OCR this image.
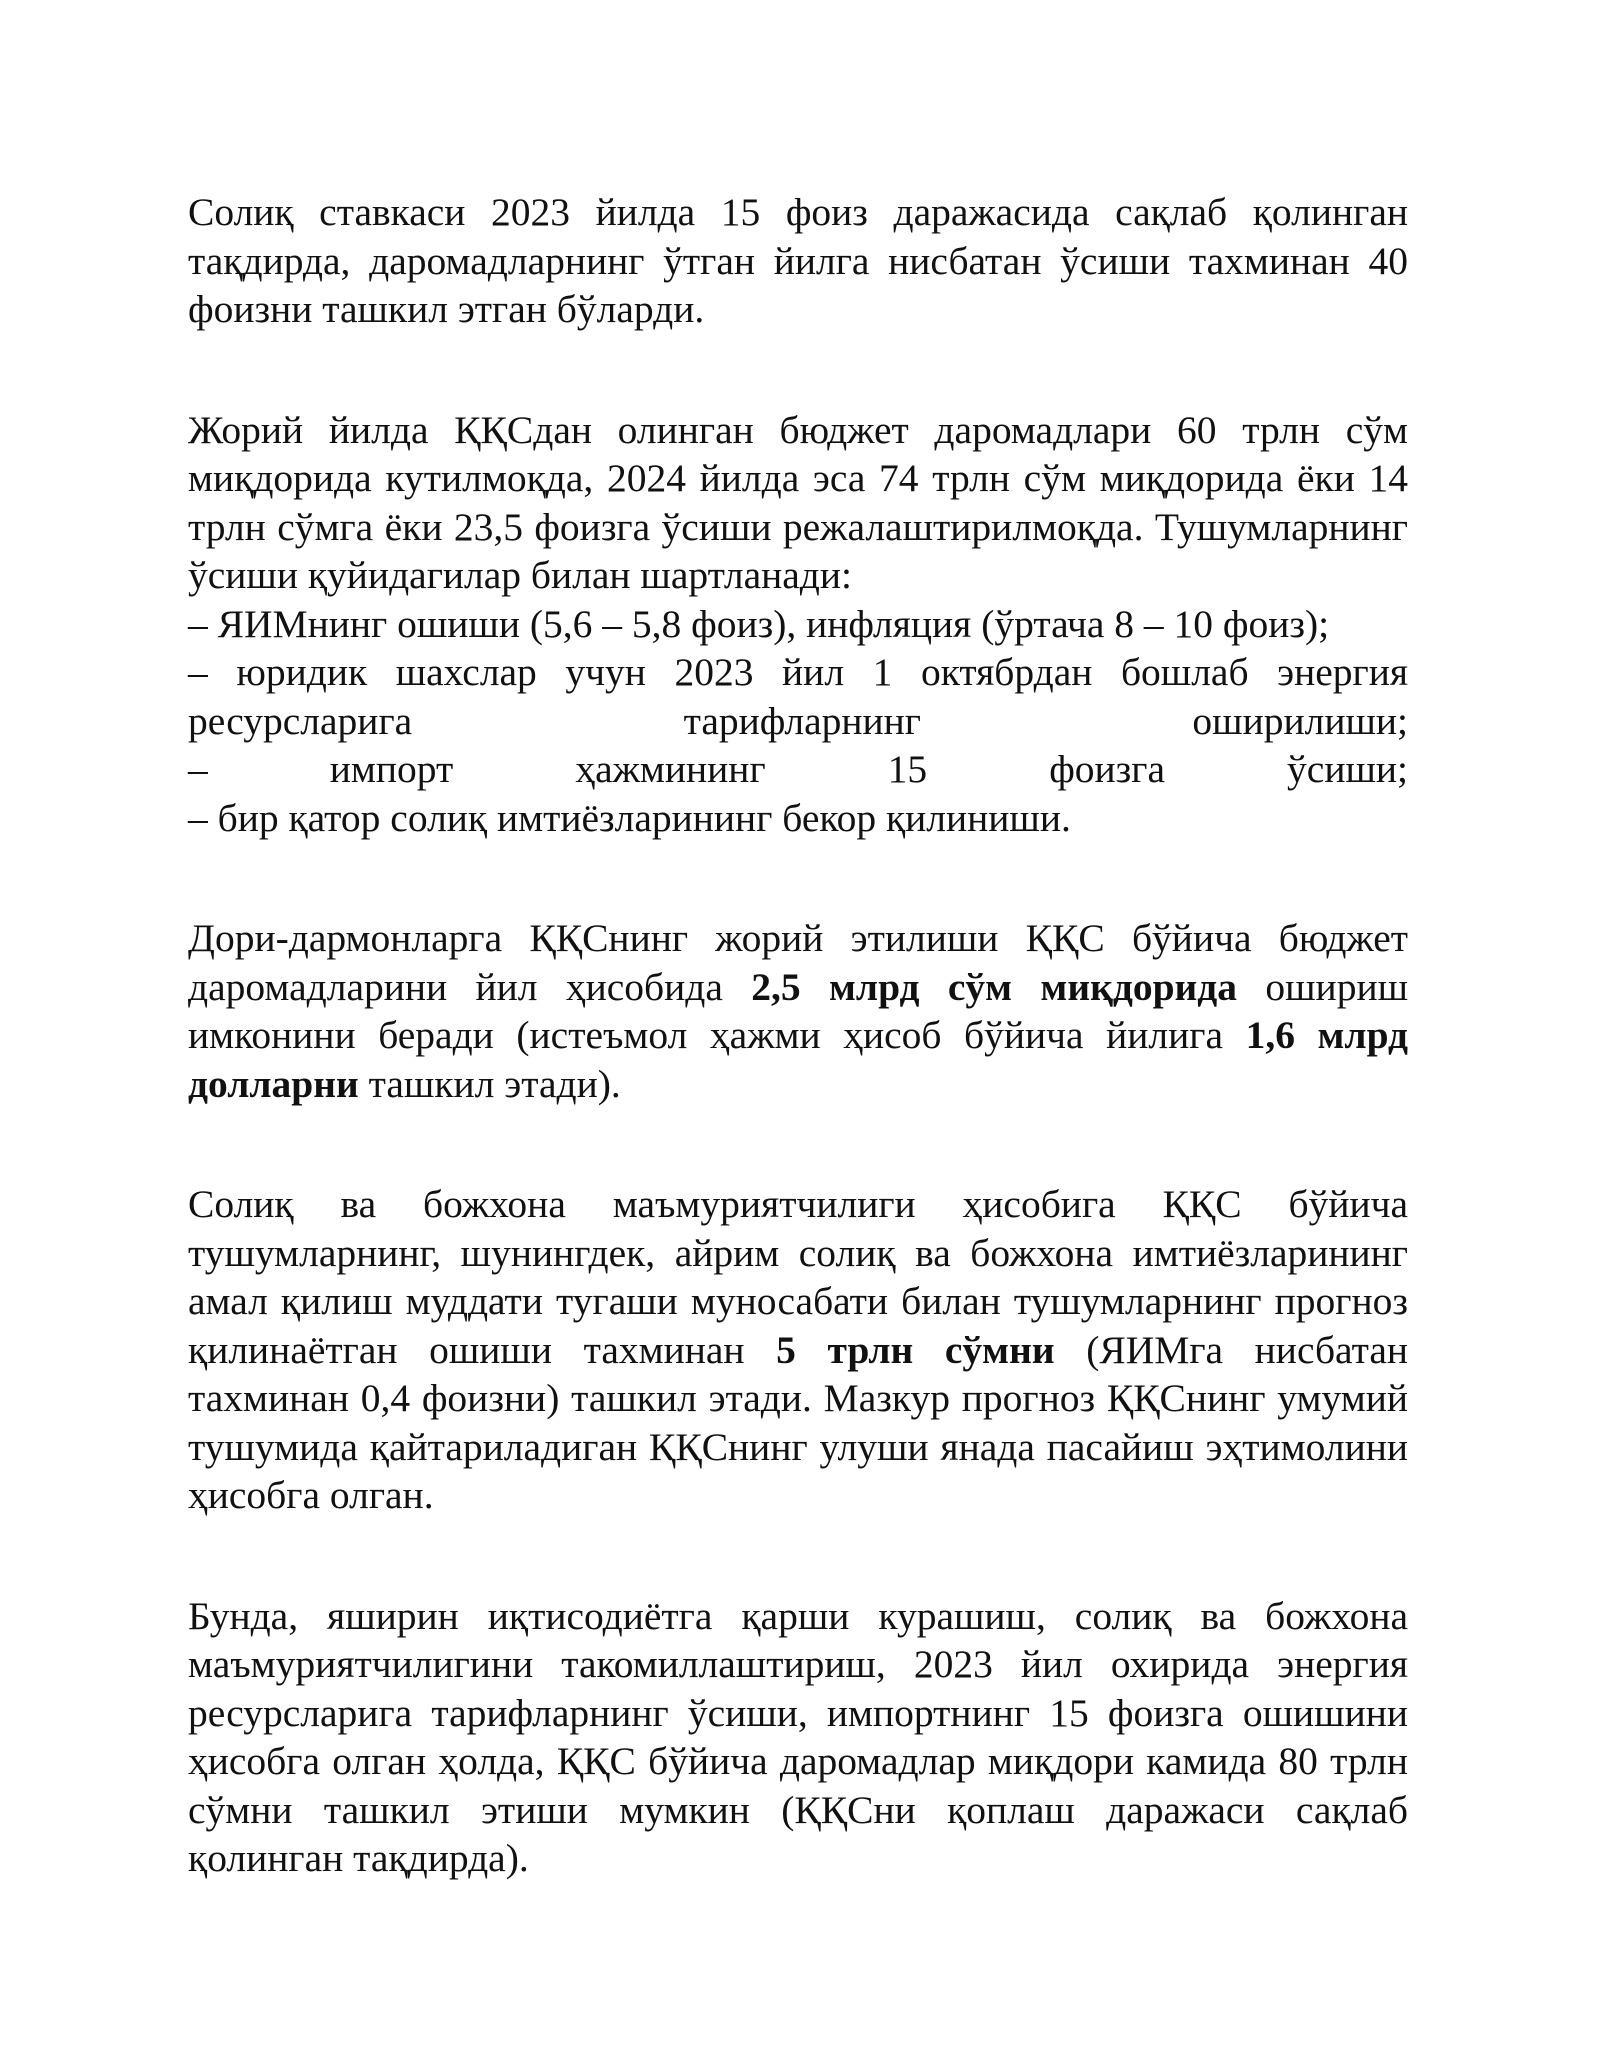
Солиқ ставкаси 2023 йилда 15 фоиз даражасида сақлаб қолинган тақдирда, даромадларнинг ўтган йилга нисбатан ўсиши тахминан 40 фоизни ташкил этган бўларди.

Жорий йилда ҚҚСдан олинган бюджет даромадлари 60 трлн сўм миқдорида кутилмоқда, 2024 йилда эса 74 трлн сўм миқдорида ёки 14 трлн сўмга ёки 23,5 фоизга ўсиши режалаштирилмоқда. Тушумларнинг ўсиши қуйидагилар билан шартланади:
– ЯИМнинг ошиши (5,6 – 5,8 фоиз), инфляция (ўртача 8 – 10 фоиз);
– юридик шахслар учун 2023 йил 1 октябрдан бошлаб энергия ресурсларига тарифларнинг оширилиши;
– импорт ҳажмининг 15 фоизга ўсиши;
– бир қатор солиқ имтиёзларининг бекор қилиниши.

Дори-дармонларга ҚҚСнинг жорий этилиши ҚҚС бўйича бюджет даромадларини йил ҳисобида 2,5 млрд сўм миқдорида ошириш имконини беради (истеъмол ҳажми ҳисоб бўйича йилига 1,6 млрд долларни ташкил этади).

Солиқ ва божхона маъмуриятчилиги ҳисобига ҚҚС бўйича тушумларнинг, шунингдек, айрим солиқ ва божхона имтиёзларининг амал қилиш муддати тугаши муносабати билан тушумларнинг прогноз қилинаётган ошиши тахминан 5 трлн сўмни (ЯИМга нисбатан тахминан 0,4 фоизни) ташкил этади. Мазкур прогноз ҚҚСнинг умумий тушумида қайтариладиган ҚҚСнинг улуши янада пасайиш эҳтимолини ҳисобга олган.

Бунда, яширин иқтисодиётга қарши курашиш, солиқ ва божхона маъмуриятчилигини такомиллаштириш, 2023 йил охирида энергия ресурсларига тарифларнинг ўсиши, импортнинг 15 фоизга ошишини ҳисобга олган ҳолда, ҚҚС бўйича даромадлар миқдори камида 80 трлн сўмни ташкил этиши мумкин (ҚҚСни қоплаш даражаси сақлаб қолинган тақдирда).
